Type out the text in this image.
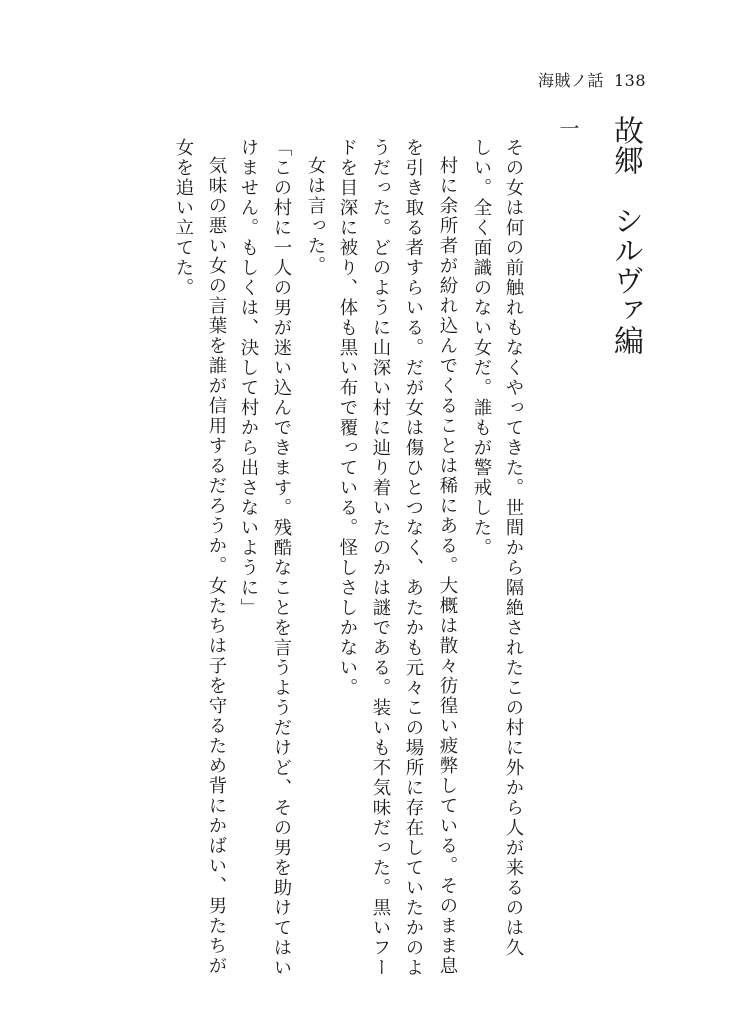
海賊ノ話 138
故郷シルヴァ編
一
その女は何の前触れもなくやってきた。世間から隔絶されたこの村に外から人が来るのは久
しい。全く面識のない女だ。誰もが警戒した。
村に余所者が紛れ込んでくることは稀にある。大概は散々彷徨い疲弊している。そのまま息
を引き取る者すらいる。だが女は傷ひとつなく、あたかも元々この場所に存在していたかのよ
うだった。どのように山深い村に辿り着いたのかは謎である。装いも不気味だった。黒いフー
ドを目深に被り、体も黒い布で覆っている。怪しさしかない。
女は言った。
「この村に一人の男が迷い込んできます。残酷なことを言うようだけど、その男を助けてはい
けません。もしくは、決して村から出さないように」
気味の悪い女の言葉を誰が信用するだろうか。女たちは子を守るため背にかばい、男たちが
女を追い立てた。
